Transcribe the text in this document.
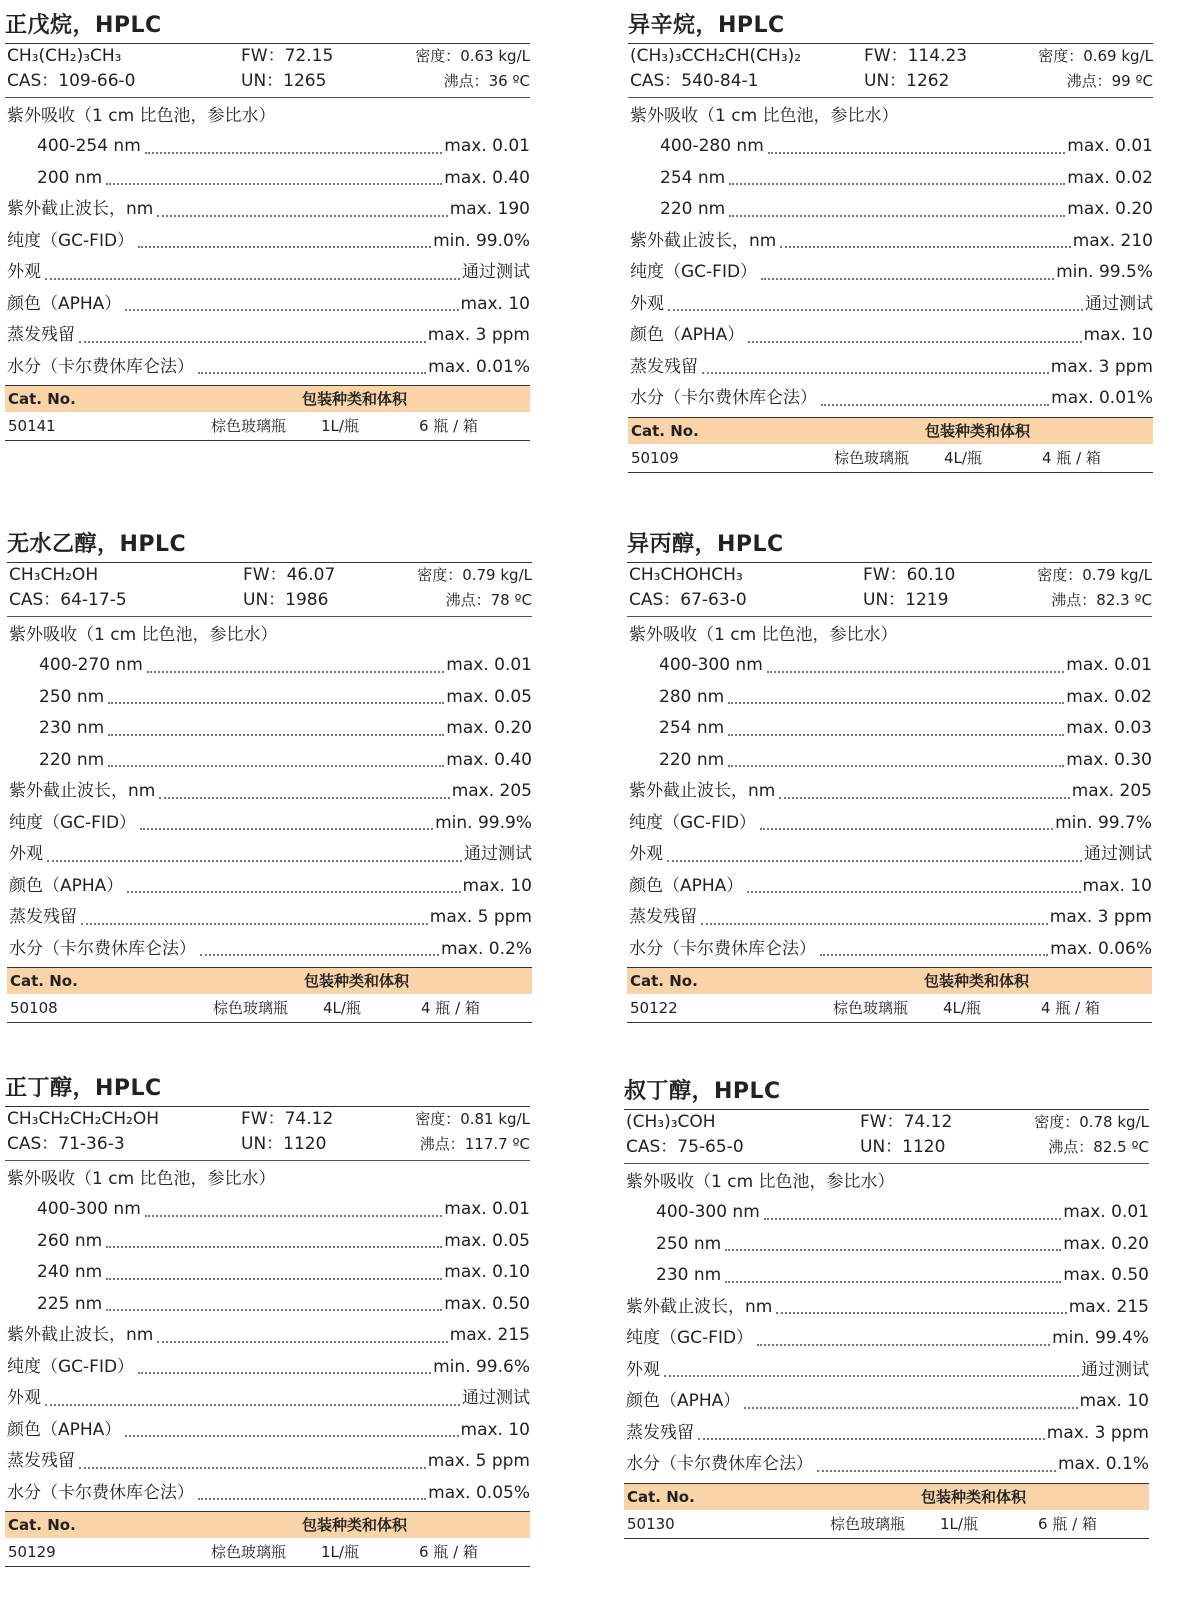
正戊烷，HPLC
CH₃(CH₂)₃CH₃	FW：72.15	密度：0.63 kg/L
CAS：109-66-0	UN：1265	沸点：36 ºC
紫外吸收（1 cm 比色池，参比水）
400-254 nm	max. 0.01
200 nm	max. 0.40
紫外截止波长，nm	max. 190
纯度（GC-FID）	min. 99.0%
外观	通过测试
颜色（APHA）	max. 10
蒸发残留	max. 3 ppm
水分（卡尔费休库仑法）	max. 0.01%
Cat. No.	包装种类和体积
50141	棕色玻璃瓶 1L/瓶	6 瓶 / 箱
异辛烷，HPLC
(CH₃)₃CCH₂CH(CH₃)₂	FW：114.23	密度：0.69 kg/L
CAS：540-84-1	UN：1262	沸点：99 ºC
紫外吸收（1 cm 比色池，参比水）
400-280 nm	max. 0.01
254 nm	max. 0.02
220 nm	max. 0.20
紫外截止波长，nm	max. 210
纯度（GC-FID）	min. 99.5%
外观	通过测试
颜色（APHA）	max. 10
蒸发残留	max. 3 ppm
水分（卡尔费休库仑法）	max. 0.01%
Cat. No.	包装种类和体积
50109	棕色玻璃瓶 4L/瓶	4 瓶 / 箱
无水乙醇，HPLC
CH₃CH₂OH	FW：46.07	密度：0.79 kg/L
CAS：64-17-5	UN：1986	沸点：78 ºC
紫外吸收（1 cm 比色池，参比水）
400-270 nm	max. 0.01
250 nm	max. 0.05
230 nm	max. 0.20
220 nm	max. 0.40
紫外截止波长，nm	max. 205
纯度（GC-FID）	min. 99.9%
外观	通过测试
颜色（APHA）	max. 10
蒸发残留	max. 5 ppm
水分（卡尔费休库仑法）	max. 0.2%
Cat. No.	包装种类和体积
50108	棕色玻璃瓶 4L/瓶	4 瓶 / 箱
异丙醇，HPLC
CH₃CHOHCH₃	FW：60.10	密度：0.79 kg/L
CAS：67-63-0	UN：1219	沸点：82.3 ºC
紫外吸收（1 cm 比色池，参比水）
400-300 nm	max. 0.01
280 nm	max. 0.02
254 nm	max. 0.03
220 nm	max. 0.30
紫外截止波长，nm	max. 205
纯度（GC-FID）	min. 99.7%
外观	通过测试
颜色（APHA）	max. 10
蒸发残留	max. 3 ppm
水分（卡尔费休库仑法）	max. 0.06%
Cat. No.	包装种类和体积
50122	棕色玻璃瓶 4L/瓶	4 瓶 / 箱
正丁醇，HPLC
CH₃CH₂CH₂CH₂OH	FW：74.12	密度：0.81 kg/L
CAS：71-36-3	UN：1120	沸点：117.7 ºC
紫外吸收（1 cm 比色池，参比水）
400-300 nm	max. 0.01
260 nm	max. 0.05
240 nm	max. 0.10
225 nm	max. 0.50
紫外截止波长，nm	max. 215
纯度（GC-FID）	min. 99.6%
外观	通过测试
颜色（APHA）	max. 10
蒸发残留	max. 5 ppm
水分（卡尔费休库仑法）	max. 0.05%
Cat. No.	包装种类和体积
50129	棕色玻璃瓶 1L/瓶	6 瓶 / 箱
叔丁醇，HPLC
(CH₃)₃COH	FW：74.12	密度：0.78 kg/L
CAS：75-65-0	UN：1120	沸点：82.5 ºC
紫外吸收（1 cm 比色池，参比水）
400-300 nm	max. 0.01
250 nm	max. 0.20
230 nm	max. 0.50
紫外截止波长，nm	max. 215
纯度（GC-FID）	min. 99.4%
外观	通过测试
颜色（APHA）	max. 10
蒸发残留	max. 3 ppm
水分（卡尔费休库仑法）	max. 0.1%
Cat. No.	包装种类和体积
50130	棕色玻璃瓶 1L/瓶	6 瓶 / 箱
